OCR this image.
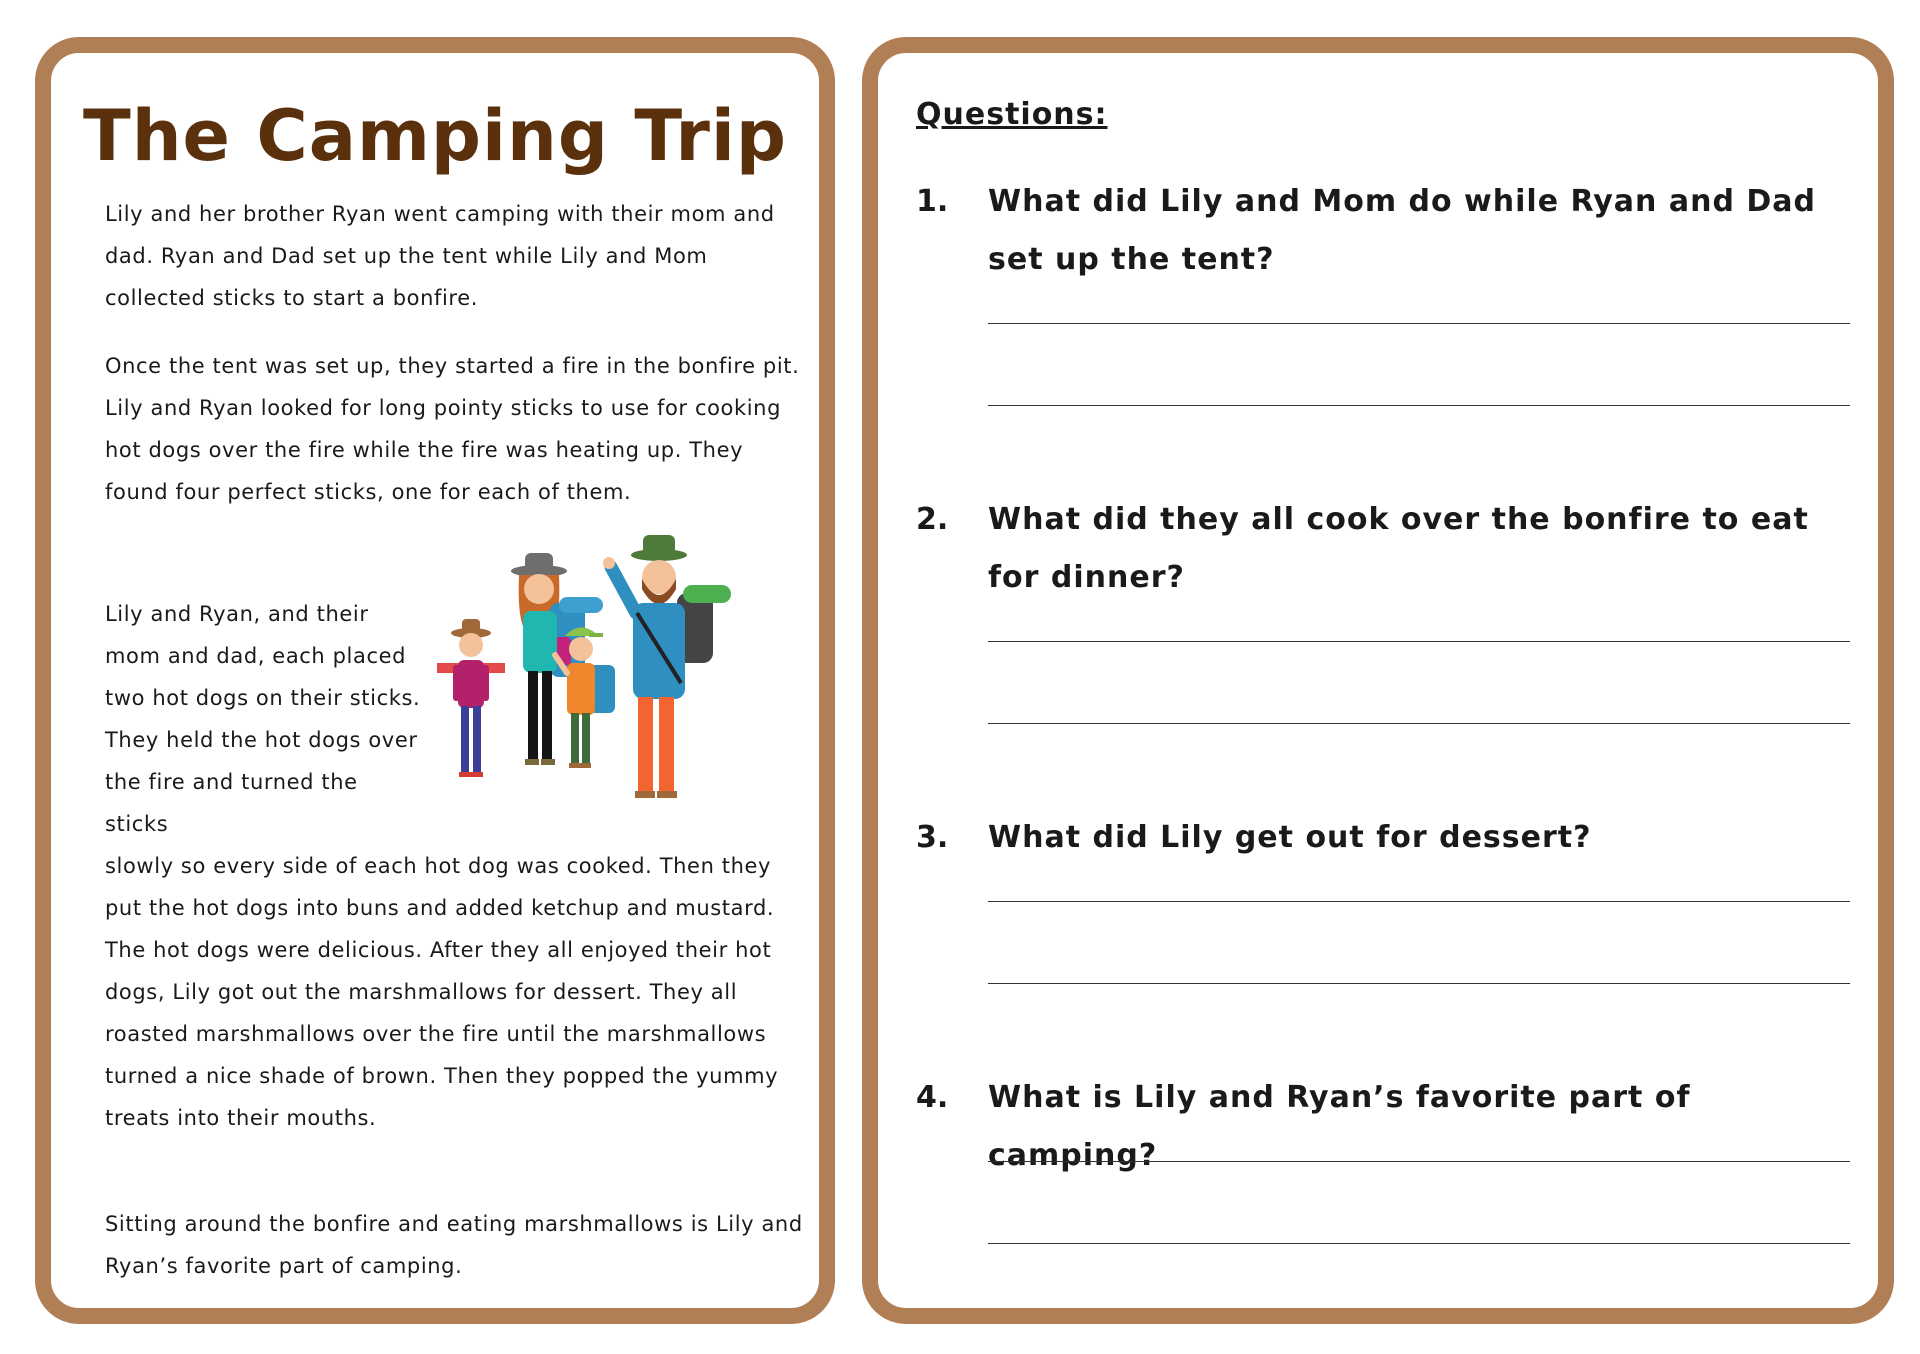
The Camping Trip

Lily and her brother Ryan went camping with their mom and dad. Ryan and Dad set up the tent while Lily and Mom collected sticks to start a bonfire.

Once the tent was set up, they started a fire in the bonfire pit. Lily and Ryan looked for long pointy sticks to use for cooking hot dogs over the fire while the fire was heating up. They found four perfect sticks, one for each of them.

Lily and Ryan, and their mom and dad, each placed two hot dogs on their sticks. They held the hot dogs over the fire and turned the sticks

slowly so every side of each hot dog was cooked. Then they put the hot dogs into buns and added ketchup and mustard. The hot dogs were delicious. After they all enjoyed their hot dogs, Lily got out the marshmallows for dessert. They all roasted marshmallows over the fire until the marshmallows turned a nice shade of brown. Then they popped the yummy treats into their mouths.

Sitting around the bonfire and eating marshmallows is Lily and Ryan’s favorite part of camping.

Questions:
1. What did Lily and Mom do while Ryan and Dad set up the tent?

2. What did they all cook over the bonfire to eat for dinner?

3. What did Lily get out for dessert?

4. What is Lily and Ryan’s favorite part of camping?
